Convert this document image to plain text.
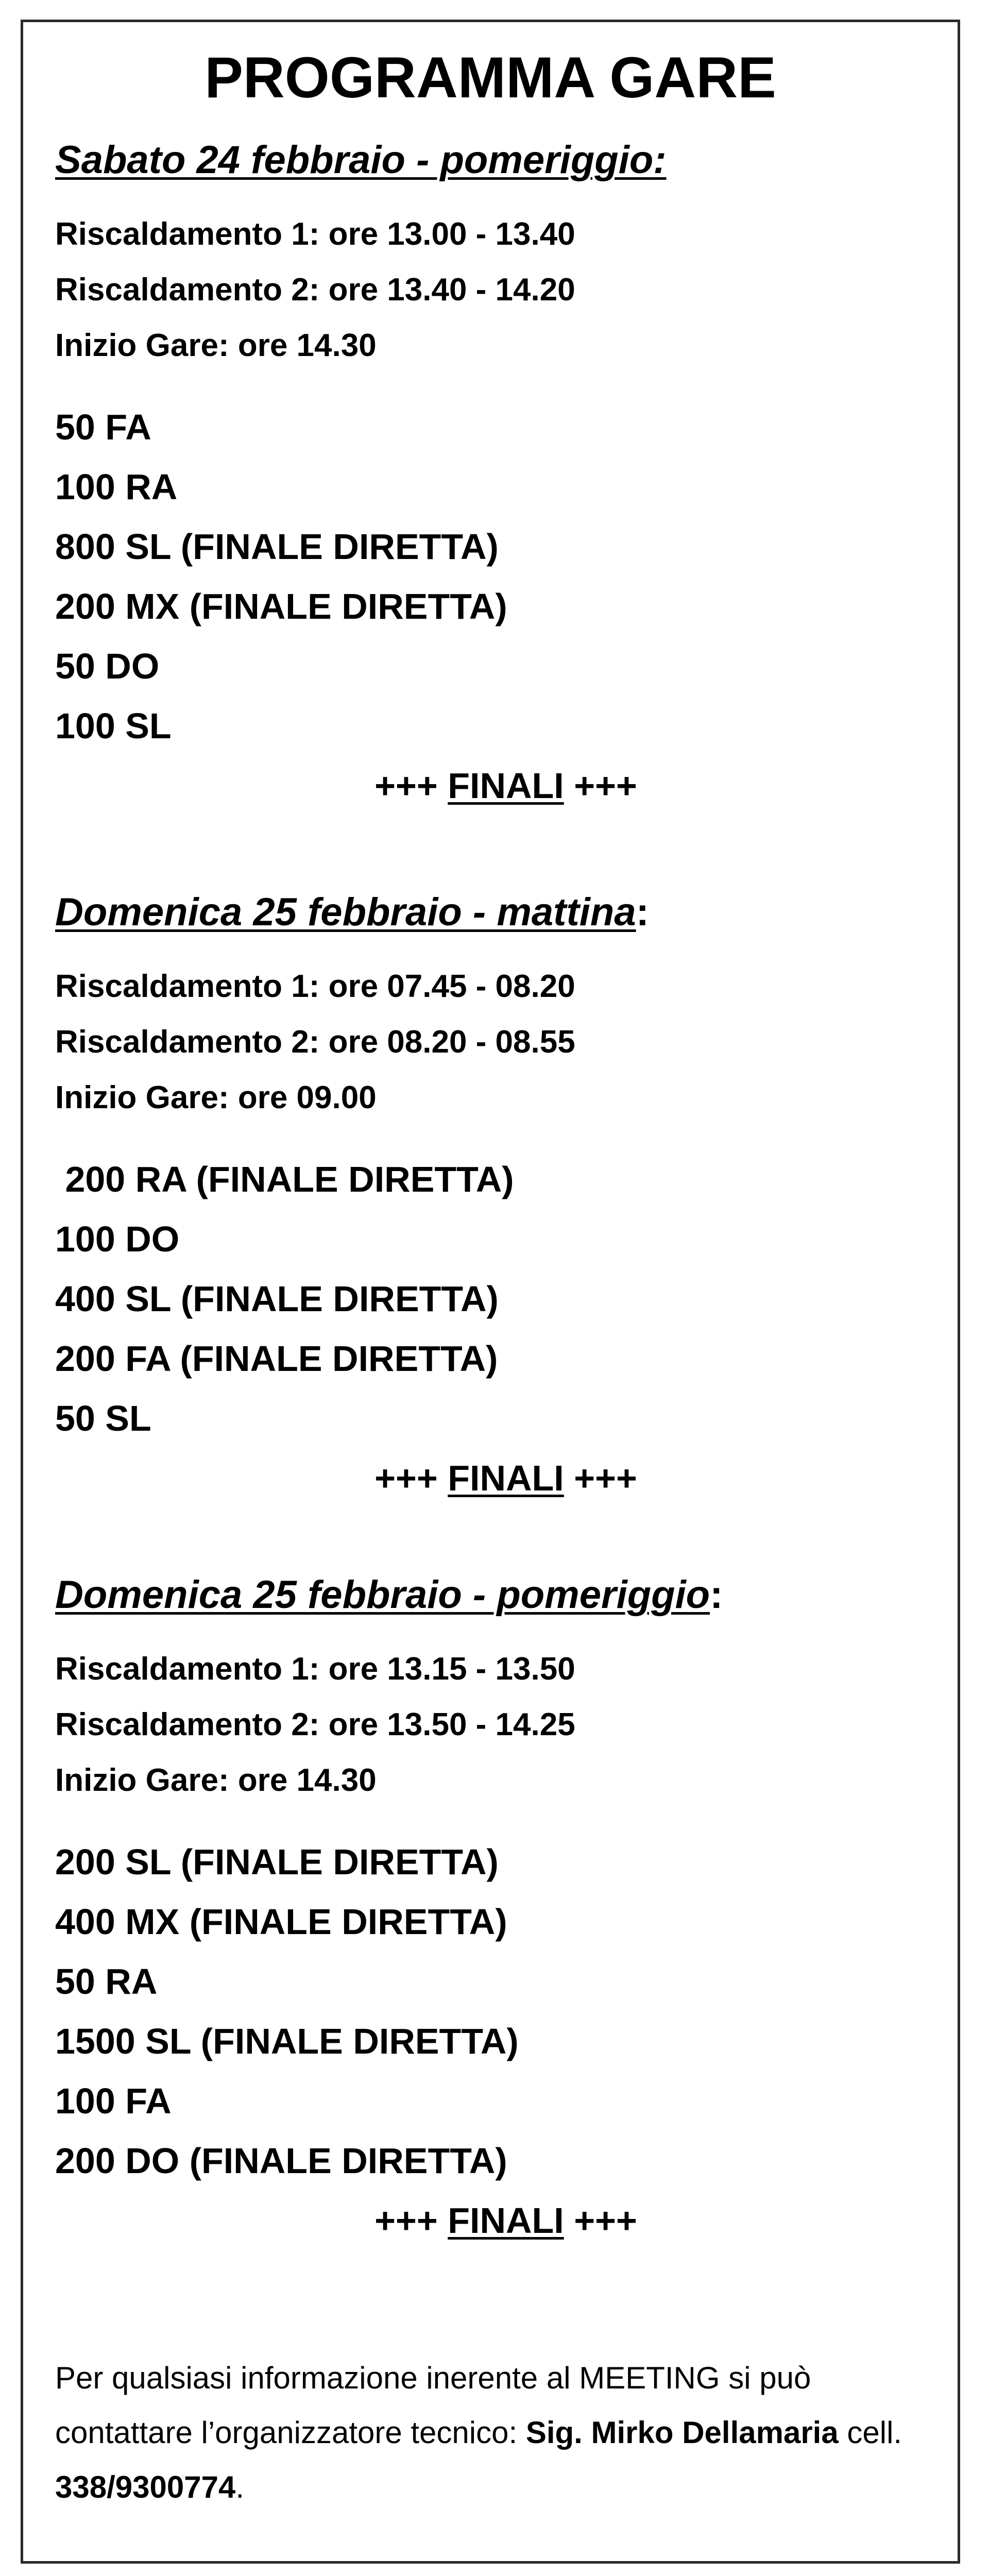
PROGRAMMA GARE
Sabato 24 febbraio - pomeriggio:
Riscaldamento 1: ore 13.00 - 13.40
Riscaldamento 2: ore 13.40 - 14.20
Inizio Gare: ore 14.30
50 FA
100 RA
800 SL (FINALE DIRETTA)
200 MX (FINALE DIRETTA)
50 DO
100 SL
+++ FINALI +++
Domenica 25 febbraio - mattina:
Riscaldamento 1: ore 07.45 - 08.20
Riscaldamento 2: ore 08.20 - 08.55
Inizio Gare: ore 09.00
200 RA (FINALE DIRETTA)
100 DO
400 SL (FINALE DIRETTA)
200 FA (FINALE DIRETTA)
50 SL
+++ FINALI +++
Domenica 25 febbraio - pomeriggio:
Riscaldamento 1: ore 13.15 - 13.50
Riscaldamento 2: ore 13.50 - 14.25
Inizio Gare: ore 14.30
200 SL (FINALE DIRETTA)
400 MX (FINALE DIRETTA)
50 RA
1500 SL (FINALE DIRETTA)
100 FA
200 DO (FINALE DIRETTA)
+++ FINALI +++
Per qualsiasi informazione inerente al MEETING si può contattare l’organizzatore tecnico: Sig. Mirko Dellamaria cell. 338/9300774.
